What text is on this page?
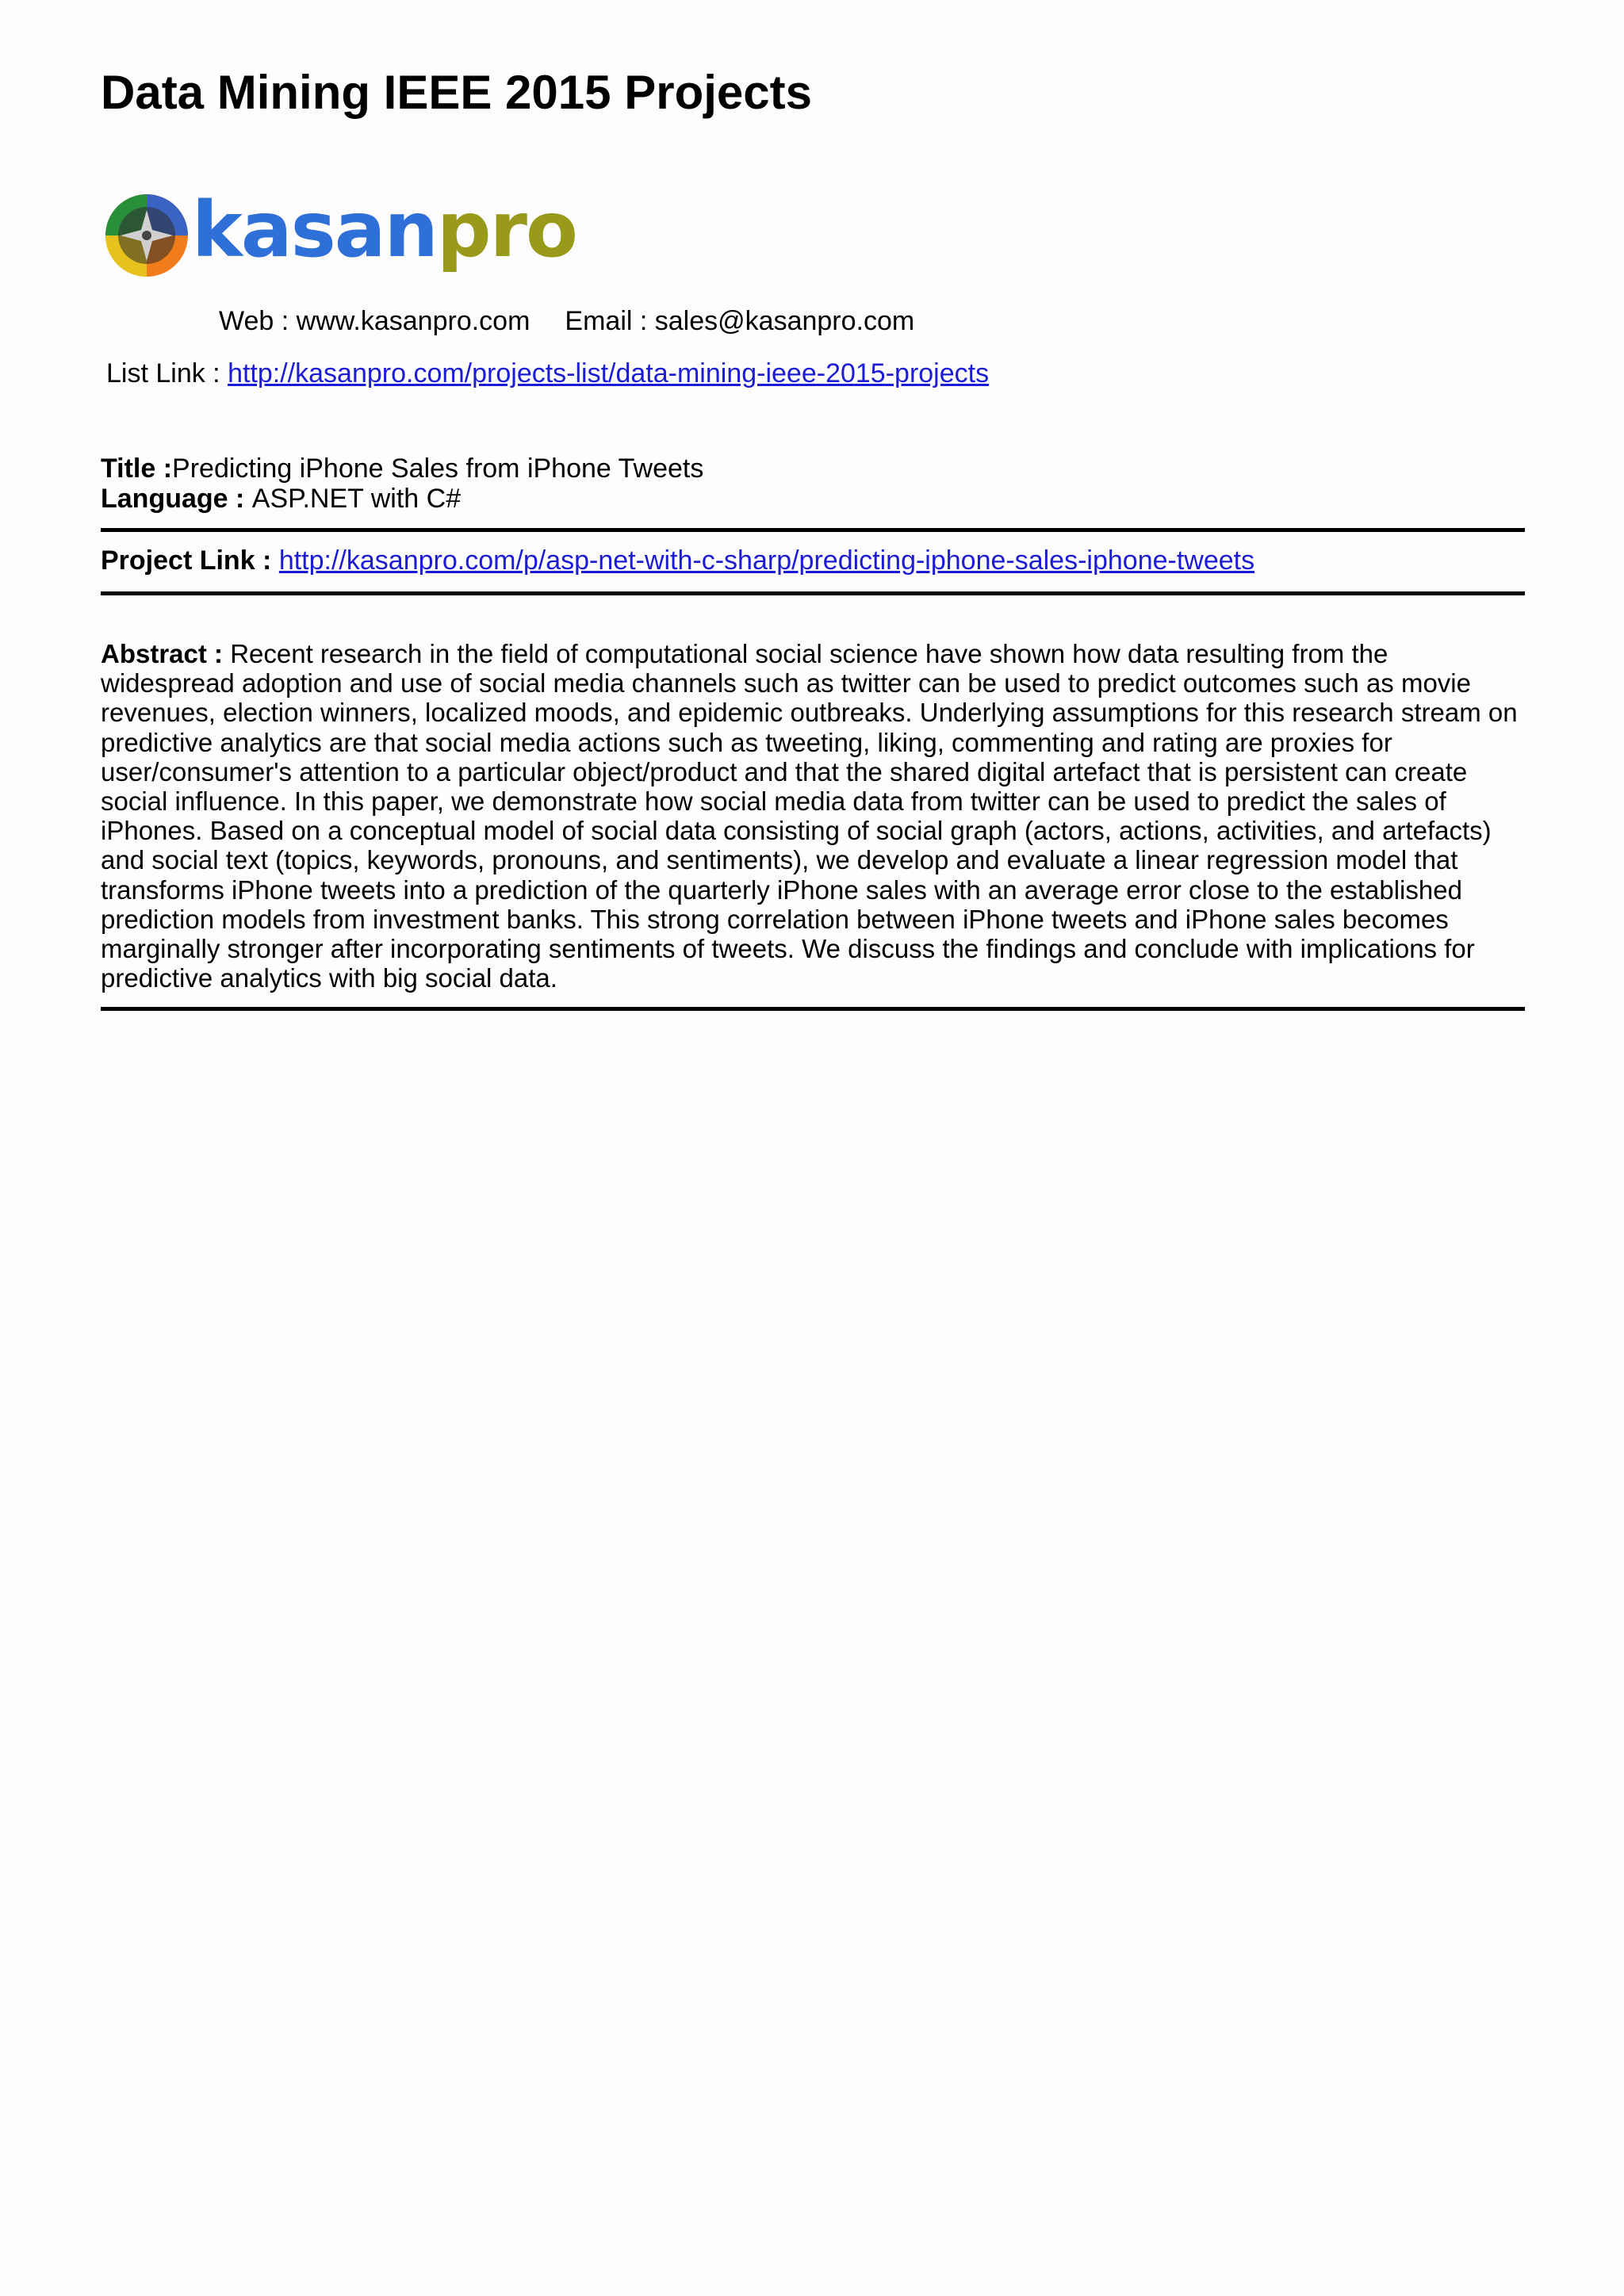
Data Mining IEEE 2015 Projects
kasanpro
Web : www.kasanpro.com Email : sales@kasanpro.com
List Link : http://kasanpro.com/projects-list/data-mining-ieee-2015-projects
Title :Predicting iPhone Sales from iPhone Tweets
Language : ASP.NET with C#
Project Link : http://kasanpro.com/p/asp-net-with-c-sharp/predicting-iphone-sales-iphone-tweets

Abstract : Recent research in the field of computational social science have shown how data resulting from the widespread adoption and use of social media channels such as twitter can be used to predict outcomes such as movie revenues, election winners, localized moods, and epidemic outbreaks. Underlying assumptions for this research stream on predictive analytics are that social media actions such as tweeting, liking, commenting and rating are proxies for user/consumer's attention to a particular object/product and that the shared digital artefact that is persistent can create social influence. In this paper, we demonstrate how social media data from twitter can be used to predict the sales of iPhones. Based on a conceptual model of social data consisting of social graph (actors, actions, activities, and artefacts) and social text (topics, keywords, pronouns, and sentiments), we develop and evaluate a linear regression model that transforms iPhone tweets into a prediction of the quarterly iPhone sales with an average error close to the established prediction models from investment banks. This strong correlation between iPhone tweets and iPhone sales becomes marginally stronger after incorporating sentiments of tweets. We discuss the findings and conclude with implications for predictive analytics with big social data.
